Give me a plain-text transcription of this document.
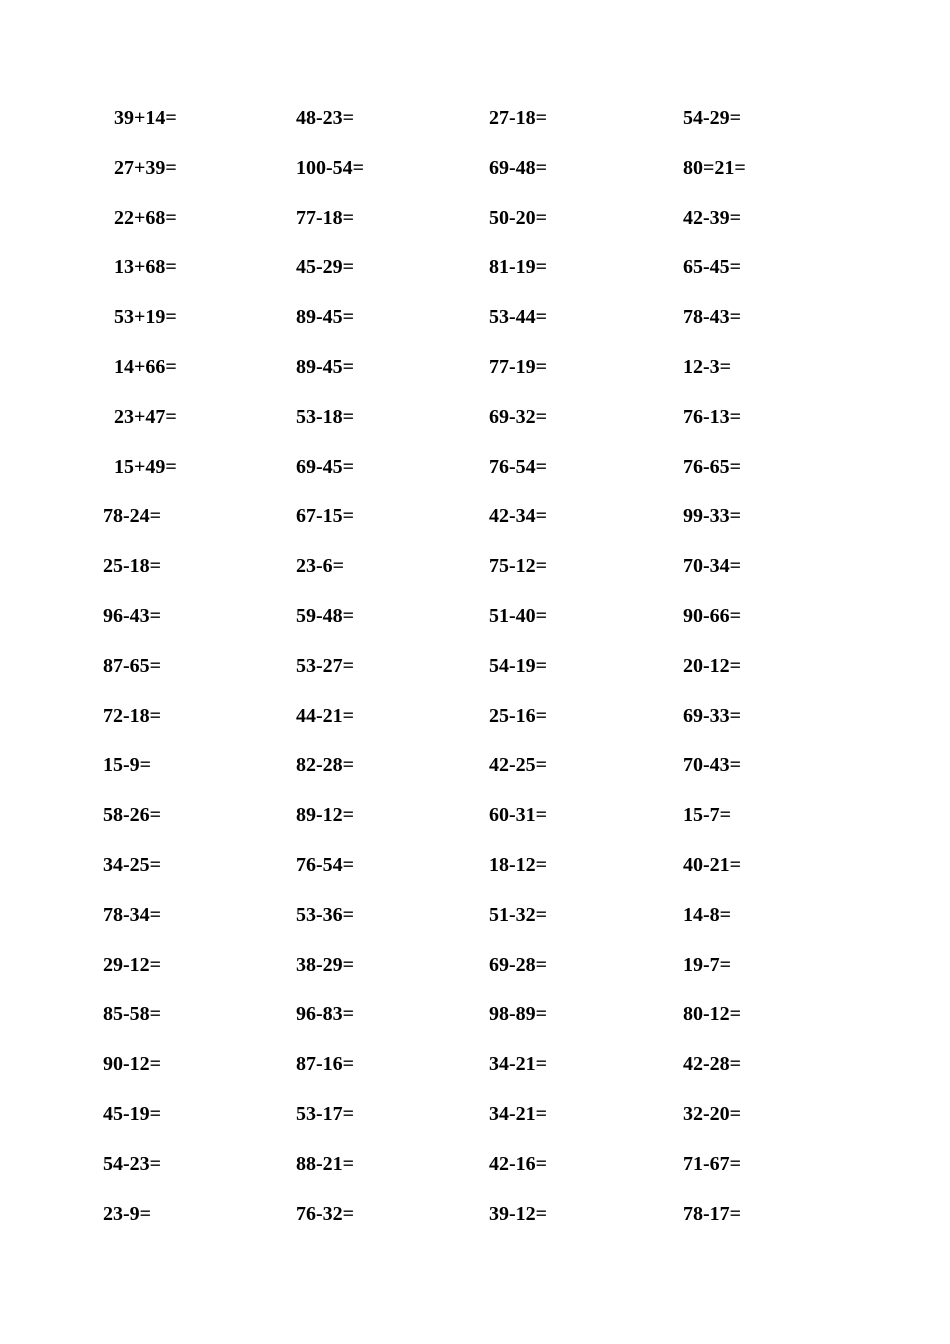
39+14=	48-23=	27-18=	54-29=
27+39=	100-54=	69-48=	80=21=
22+68=	77-18=	50-20=	42-39=
13+68=	45-29=	81-19=	65-45=
53+19=	89-45=	53-44=	78-43=
14+66=	89-45=	77-19=	12-3=
23+47=	53-18=	69-32=	76-13=
15+49=	69-45=	76-54=	76-65=
78-24=	67-15=	42-34=	99-33=
25-18=	23-6=	75-12=	70-34=
96-43=	59-48=	51-40=	90-66=
87-65=	53-27=	54-19=	20-12=
72-18=	44-21=	25-16=	69-33=
15-9=	82-28=	42-25=	70-43=
58-26=	89-12=	60-31=	15-7=
34-25=	76-54=	18-12=	40-21=
78-34=	53-36=	51-32=	14-8=
29-12=	38-29=	69-28=	19-7=
85-58=	96-83=	98-89=	80-12=
90-12=	87-16=	34-21=	42-28=
45-19=	53-17=	34-21=	32-20=
54-23=	88-21=	42-16=	71-67=
23-9=	76-32=	39-12=	78-17=
